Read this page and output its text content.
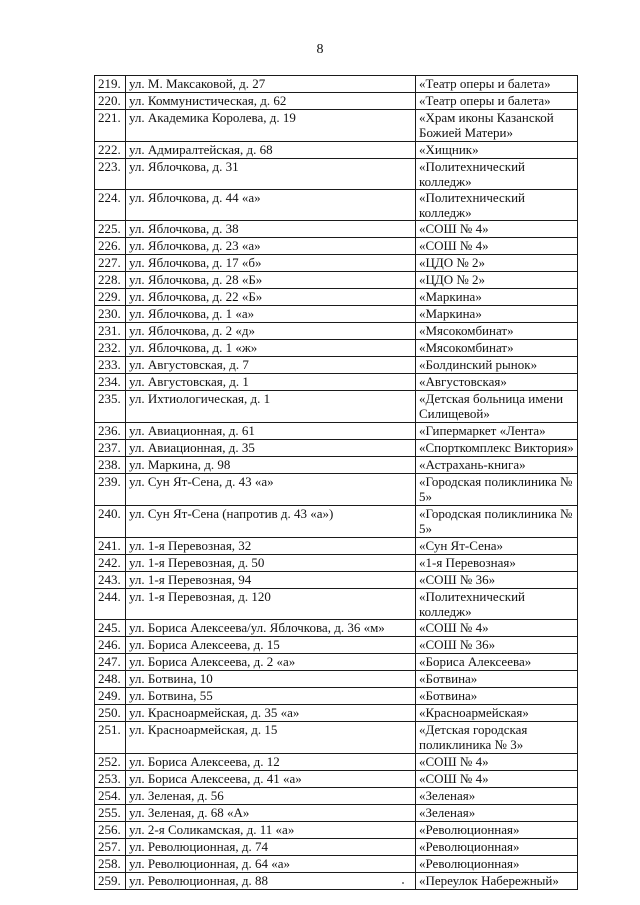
8
219.	ул. М. Максаковой, д. 27	«Театр оперы и балета»
220.	ул. Коммунистическая, д. 62	«Театр оперы и балета»
221.	ул. Академика Королева, д. 19	«Храм иконы Казанской Божией Матери»
222.	ул. Адмиралтейская, д. 68	«Хищник»
223.	ул. Яблочкова, д. 31	«Политехнический колледж»
224.	ул. Яблочкова, д. 44 «а»	«Политехнический колледж»
225.	ул. Яблочкова, д. 38	«СОШ № 4»
226.	ул. Яблочкова, д. 23 «а»	«СОШ № 4»
227.	ул. Яблочкова, д. 17 «б»	«ЦДО № 2»
228.	ул. Яблочкова, д. 28 «Б»	«ЦДО № 2»
229.	ул. Яблочкова, д. 22 «Б»	«Маркина»
230.	ул. Яблочкова, д. 1 «а»	«Маркина»
231.	ул. Яблочкова, д. 2 «д»	«Мясокомбинат»
232.	ул. Яблочкова, д. 1 «ж»	«Мясокомбинат»
233.	ул. Августовская, д. 7	«Болдинский рынок»
234.	ул. Августовская, д. 1	«Августовская»
235.	ул. Ихтиологическая, д. 1	«Детская больница имени Силищевой»
236.	ул. Авиационная, д. 61	«Гипермаркет «Лента»
237.	ул. Авиационная, д. 35	«Спорткомплекс Виктория»
238.	ул. Маркина, д. 98	«Астрахань-книга»
239.	ул. Сун Ят-Сена, д. 43 «а»	«Городская поликлиника № 5»
240.	ул. Сун Ят-Сена (напротив д. 43 «а»)	«Городская поликлиника № 5»
241.	ул. 1-я Перевозная, 32	«Сун Ят-Сена»
242.	ул. 1-я Перевозная, д. 50	«1-я Перевозная»
243.	ул. 1-я Перевозная, 94	«СОШ № 36»
244.	ул. 1-я Перевозная, д. 120	«Политехнический колледж»
245.	ул. Бориса Алексеева/ул. Яблочкова, д. 36 «м»	«СОШ № 4»
246.	ул. Бориса Алексеева, д. 15	«СОШ № 36»
247.	ул. Бориса Алексеева, д. 2 «а»	«Бориса Алексеева»
248.	ул. Ботвина, 10	«Ботвина»
249.	ул. Ботвина, 55	«Ботвина»
250.	ул. Красноармейская, д. 35 «а»	«Красноармейская»
251.	ул. Красноармейская, д. 15	«Детская городская поликлиника № 3»
252.	ул. Бориса Алексеева, д. 12	«СОШ № 4»
253.	ул. Бориса Алексеева, д. 41 «а»	«СОШ № 4»
254.	ул. Зеленая, д. 56	«Зеленая»
255.	ул. Зеленая, д. 68 «А»	«Зеленая»
256.	ул. 2-я Соликамская, д. 11 «а»	«Революционная»
257.	ул. Революционная, д. 74	«Революционная»
258.	ул. Революционная, д. 64 «а»	«Революционная»
259.	ул. Революционная, д. 88	«Переулок Набережный»
